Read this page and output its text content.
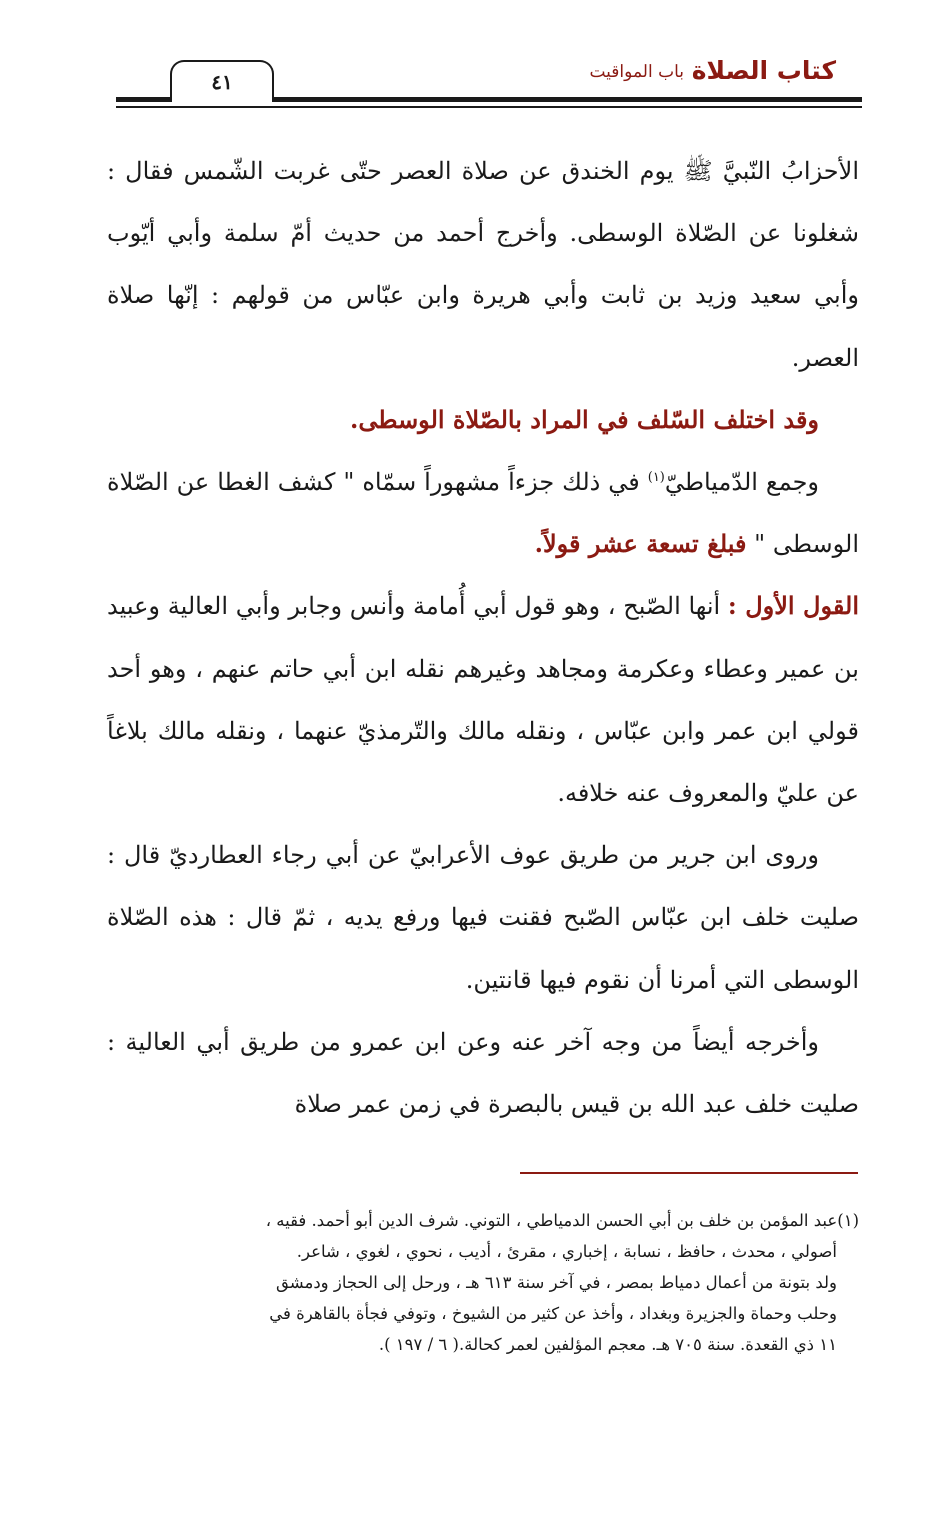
كتاب الصلاة
باب المواقيت
٤١

الأحزابُ النّبيَّ ﷺ يوم الخندق عن صلاة العصر حتّى غربت الشّمس فقال : شغلونا عن الصّلاة الوسطى. وأخرج أحمد من حديث أمّ سلمة وأبي أيّوب وأبي سعيد وزيد بن ثابت وأبي هريرة وابن عبّاس من قولهم : إنّها صلاة العصر.

وقد اختلف السّلف في المراد بالصّلاة الوسطى.

وجمع الدّمياطيّ$^{(١)}$ في ذلك جزءاً مشهوراً سمّاه " كشف الغطا عن الصّلاة الوسطى " فبلغ تسعة عشر قولاً.

القول الأول : أنها الصّبح ، وهو قول أبي أُمامة وأنس وجابر وأبي العالية وعبيد بن عمير وعطاء وعكرمة ومجاهد وغيرهم نقله ابن أبي حاتم عنهم ، وهو أحد قولي ابن عمر وابن عبّاس ، ونقله مالك والتّرمذيّ عنهما ، ونقله مالك بلاغاً عن عليّ والمعروف عنه خلافه.

وروى ابن جرير من طريق عوف الأعرابيّ عن أبي رجاء العطارديّ قال : صليت خلف ابن عبّاس الصّبح فقنت فيها ورفع يديه ، ثمّ قال : هذه الصّلاة الوسطى التي أمرنا أن نقوم فيها قانتين.

وأخرجه أيضاً من وجه آخر عنه وعن ابن عمرو من طريق أبي العالية : صليت خلف عبد الله بن قيس بالبصرة في زمن عمر صلاة

(١)عبد المؤمن بن خلف بن أبي الحسن الدمياطي ، التوني. شرف الدين أبو أحمد. فقيه ،

أصولي ، محدث ، حافظ ، نسابة ، إخباري ، مقرئ ، أديب ، نحوي ، لغوي ، شاعر.

ولد بتونة من أعمال دمياط بمصر ، في آخر سنة ٦١٣ هـ ، ورحل إلى الحجاز ودمشق

وحلب وحماة والجزيرة وبغداد ، وأخذ عن كثير من الشيوخ ، وتوفي فجأة بالقاهرة في

١١ ذي القعدة. سنة ٧٠٥ هـ. معجم المؤلفين لعمر كحالة.( ٦ / ١٩٧ ).
